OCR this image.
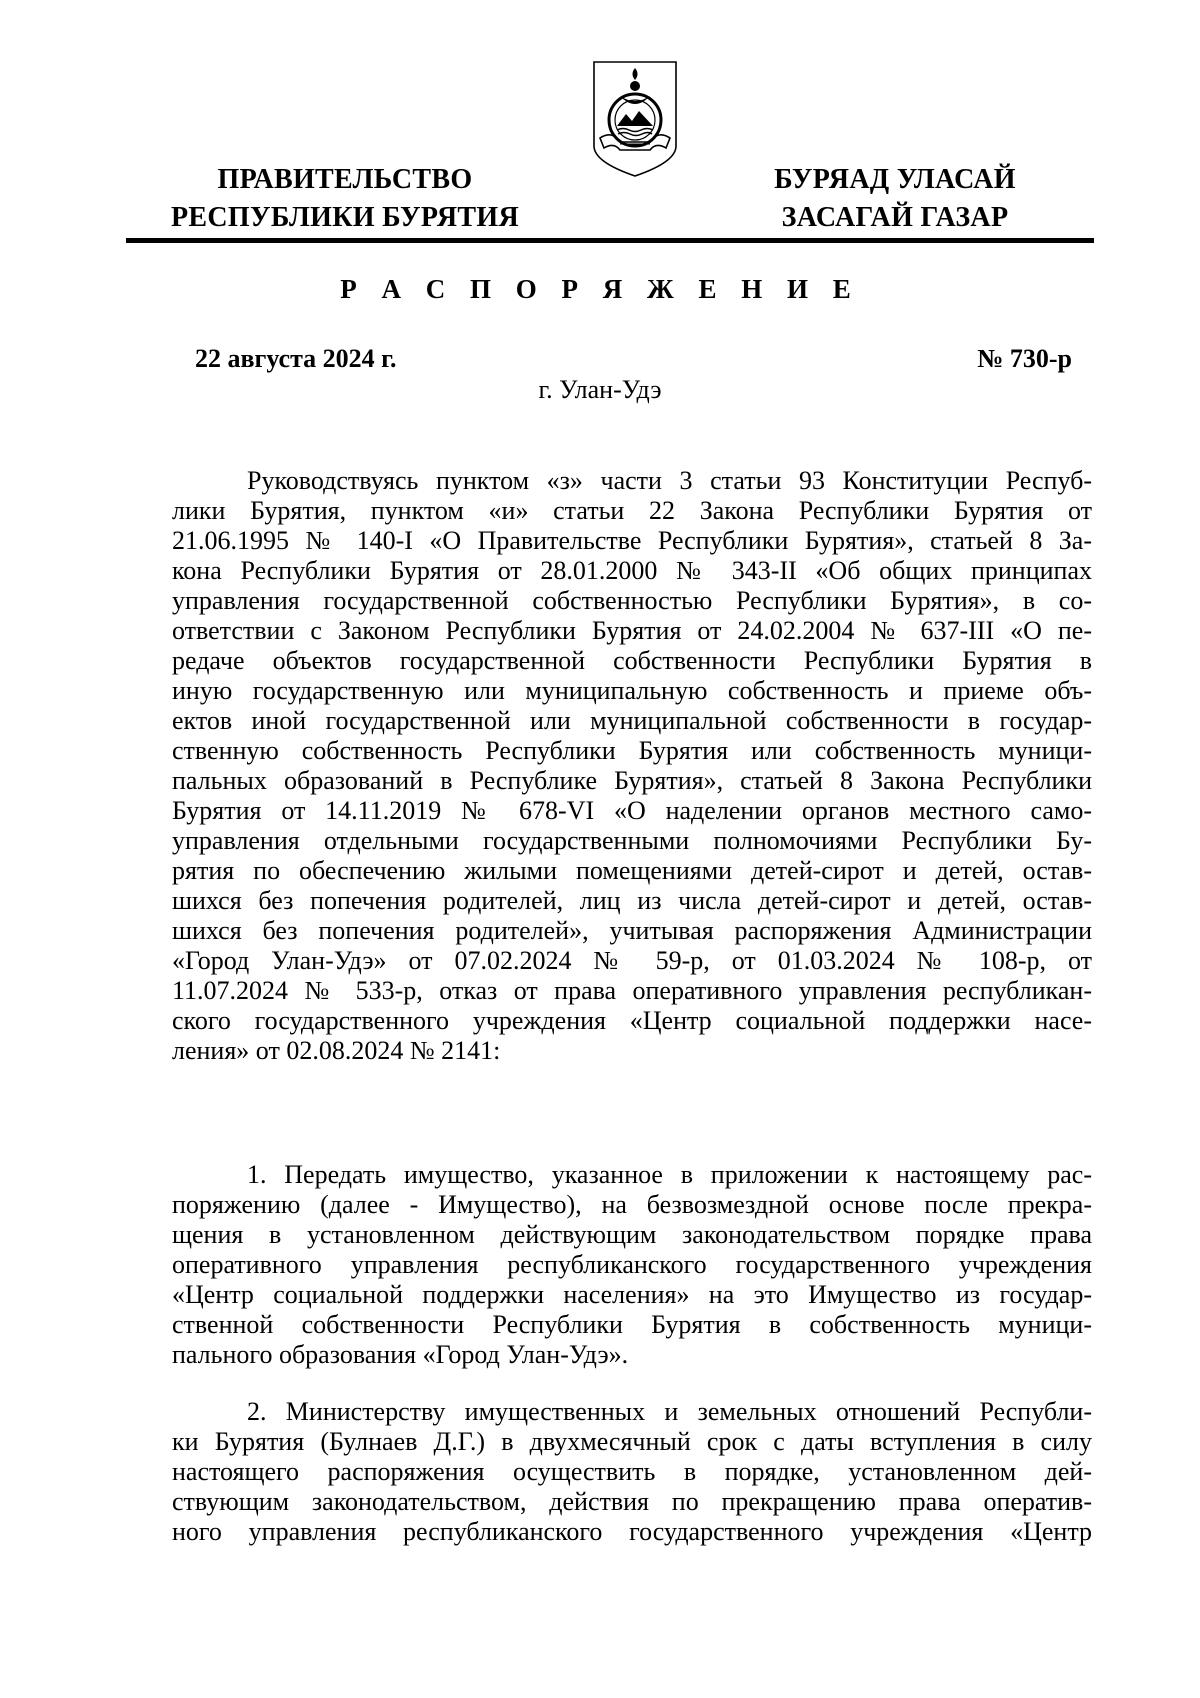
ПРАВИТЕЛЬСТВО
РЕСПУБЛИКИ БУРЯТИЯ
БУРЯАД УЛАСАЙ
ЗАСАГАЙ ГАЗАР
Р А С П О Р Я Ж Е Н И Е
22 августа 2024 г.	№ 730-р
г. Улан-Удэ
Руководствуясь пунктом «з» части 3 статьи 93 Конституции Респуб-
лики Бурятия, пунктом «и» статьи 22 Закона Республики Бурятия от
21.06.1995 № 140-I «О Правительстве Республики Бурятия», статьей 8 За-
кона Республики Бурятия от 28.01.2000 № 343-II «Об общих принципах
управления государственной собственностью Республики Бурятия», в со-
ответствии с Законом Республики Бурятия от 24.02.2004 № 637-III «О пе-
редаче объектов государственной собственности Республики Бурятия в
иную государственную или муниципальную собственность и приеме объ-
ектов иной государственной или муниципальной собственности в государ-
ственную собственность Республики Бурятия или собственность муници-
пальных образований в Республике Бурятия», статьей 8 Закона Республики
Бурятия от 14.11.2019 № 678-VI «О наделении органов местного само-
управления отдельными государственными полномочиями Республики Бу-
рятия по обеспечению жилыми помещениями детей-сирот и детей, остав-
шихся без попечения родителей, лиц из числа детей-сирот и детей, остав-
шихся без попечения родителей», учитывая распоряжения Администрации
«Город Улан-Удэ» от 07.02.2024 № 59-р, от 01.03.2024 № 108-р, от
11.07.2024 № 533-р, отказ от права оперативного управления республикан-
ского государственного учреждения «Центр социальной поддержки насе-
ления» от 02.08.2024 № 2141:
1. Передать имущество, указанное в приложении к настоящему рас-
поряжению (далее - Имущество), на безвозмездной основе после прекра-
щения в установленном действующим законодательством порядке права
оперативного управления республиканского государственного учреждения
«Центр социальной поддержки населения» на это Имущество из государ-
ственной собственности Республики Бурятия в собственность муници-
пального образования «Город Улан-Удэ».
2. Министерству имущественных и земельных отношений Республи-
ки Бурятия (Булнаев Д.Г.) в двухмесячный срок с даты вступления в силу
настоящего распоряжения осуществить в порядке, установленном дей-
ствующим законодательством, действия по прекращению права оператив-
ного управления республиканского государственного учреждения «Центр
